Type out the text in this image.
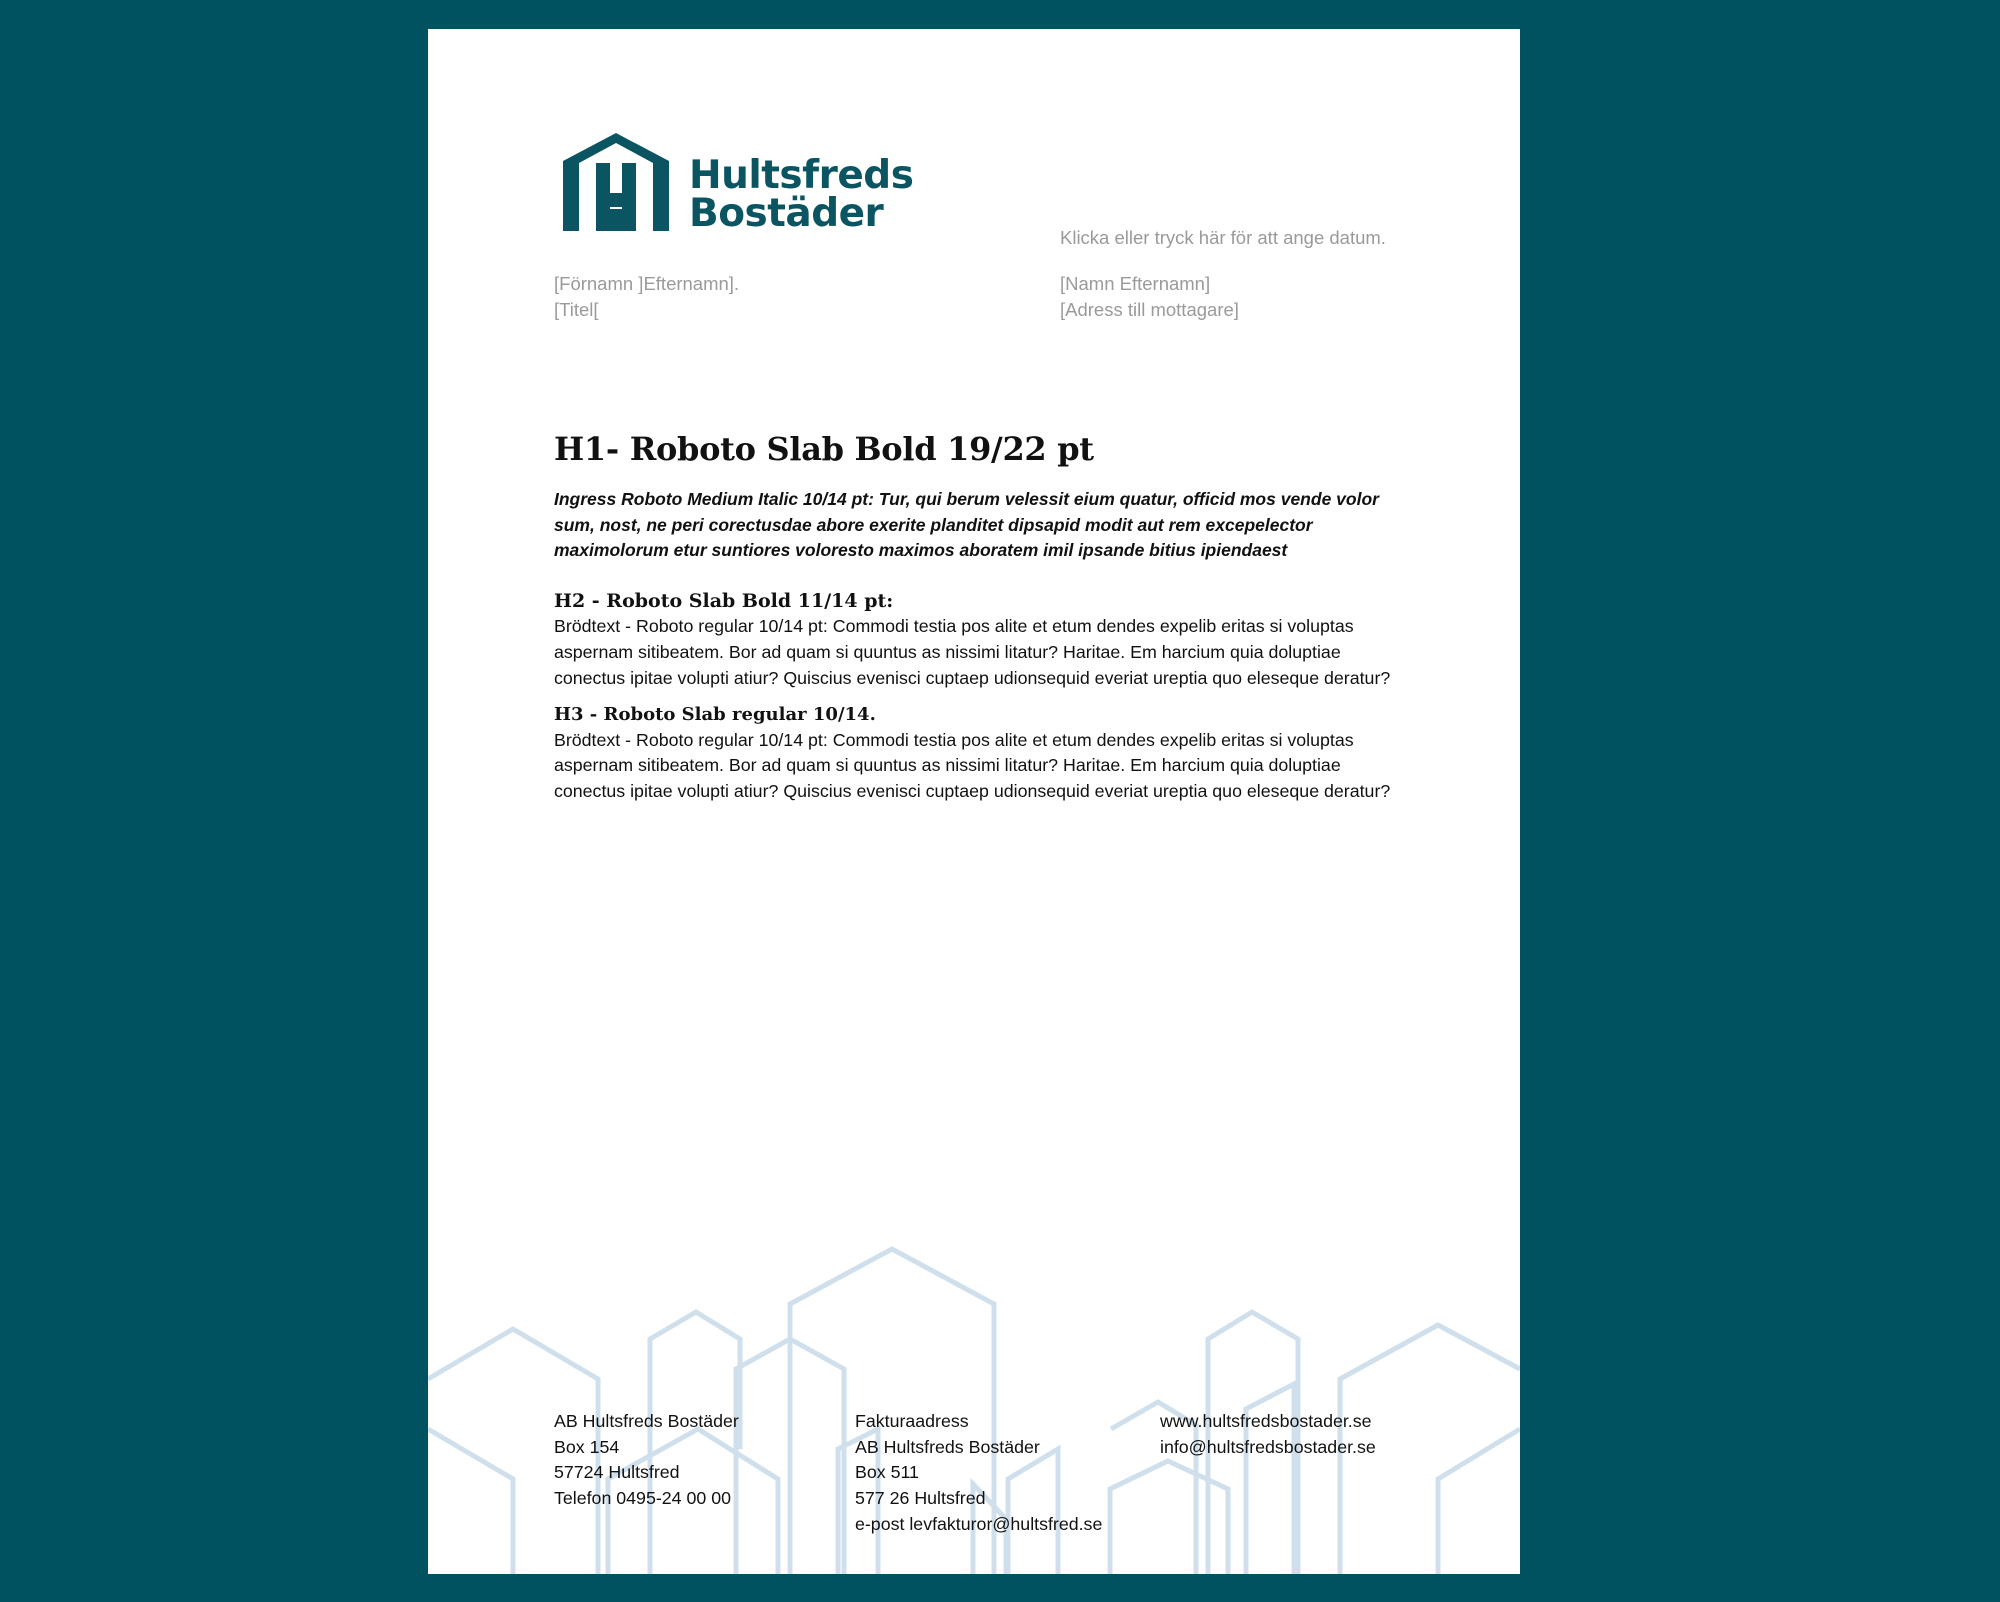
Hultsfreds
Bostäder
Klicka eller tryck här för att ange datum.
[Förnamn ]Efternamn].
[Titel[
[Namn Efternamn]
[Adress till mottagare]
H1- Roboto Slab Bold 19/22 pt

Ingress Roboto Medium Italic 10/14 pt: Tur, qui berum velessit eium quatur, officid mos vende volor sum, nost, ne peri corectusdae abore exerite planditet dipsapid modit aut rem excepelector maximolorum etur suntiores voloresto maximos aboratem imil ipsande bitius ipiendaest

H2 - Roboto Slab Bold 11/14 pt:

Brödtext - Roboto regular 10/14 pt: Commodi testia pos alite et etum dendes expelib eritas si voluptas aspernam sitibeatem. Bor ad quam si quuntus as nissimi litatur? Haritae. Em harcium quia doluptiae conectus ipitae volupti atiur? Quiscius evenisci cuptaep udionsequid everiat ureptia quo eleseque deratur?

H3 - Roboto Slab regular 10/14.

Brödtext - Roboto regular 10/14 pt: Commodi testia pos alite et etum dendes expelib eritas si voluptas aspernam sitibeatem. Bor ad quam si quuntus as nissimi litatur? Haritae. Em harcium quia doluptiae conectus ipitae volupti atiur? Quiscius evenisci cuptaep udionsequid everiat ureptia quo eleseque deratur?

AB Hultsfreds Bostäder
Box 154
57724 Hultsfred
Telefon 0495-24 00 00
Fakturaadress
AB Hultsfreds Bostäder
Box 511
577 26 Hultsfred
e-post levfakturor@hultsfred.se
www.hultsfredsbostader.se
info@hultsfredsbostader.se
